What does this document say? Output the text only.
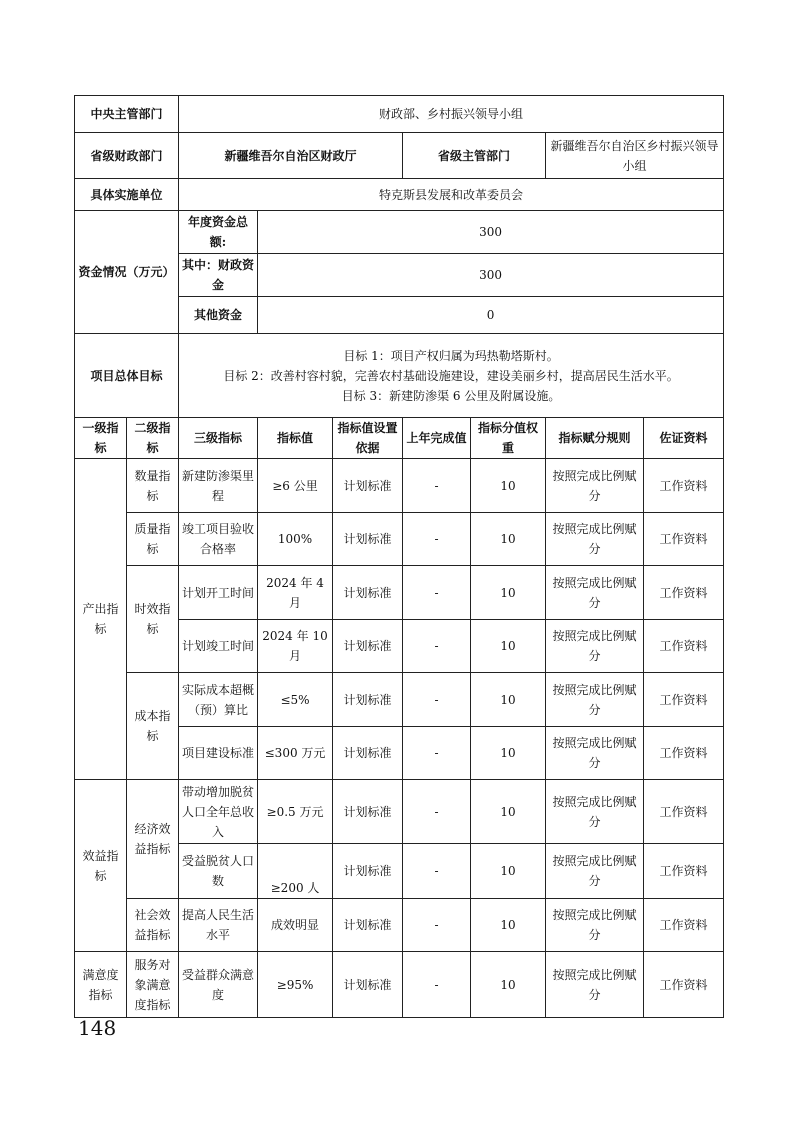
中央主管部门		财政部、乡村振兴领导小组						
省级财政部门		新疆维吾尔自治区财政厅			省级主管部门		新疆维吾尔自治区乡村振兴领导小组	
具体实施单位		特克斯县发展和改革委员会						
资金情况（万元）		年度资金总额:	300					
		其中：财政资金	300					
		其他资金	0					
项目总体目标		目标 1：项目产权归属为玛热勒塔斯村。
目标 2：改善村容村貌，完善农村基础设施建设，建设美丽乡村，提高居民生活水平。
目标 3：新建防渗渠 6 公里及附属设施。						

一级指标	二级指标	三级指标	指标值	指标值设置依据	上年完成值	指标分值权重	指标赋分规则	佐证资料
产出指标	数量指标	新建防渗渠里程	≥6 公里	计划标准	-	10	按照完成比例赋分	工作资料
	质量指标	竣工项目验收合格率	100%	计划标准	-	10	按照完成比例赋分	工作资料
	时效指标	计划开工时间	2024 年 4 月	计划标准	-	10	按照完成比例赋分	工作资料
		计划竣工时间	2024 年 10 月	计划标准	-	10	按照完成比例赋分	工作资料
	成本指标	实际成本超概（预）算比	≤5%	计划标准	-	10	按照完成比例赋分	工作资料
		项目建设标准	≤300 万元	计划标准	-	10	按照完成比例赋分	工作资料
效益指标	经济效益指标	带动增加脱贫人口全年总收入	≥0.5 万元	计划标准	-	10	按照完成比例赋分	工作资料
		受益脱贫人口数	≥200 人	计划标准	-	10	按照完成比例赋分	工作资料
	社会效益指标	提高人民生活水平	成效明显	计划标准	-	10	按照完成比例赋分	工作资料
满意度指标	服务对象满意度指标	受益群众满意度	≥95%	计划标准	-	10	按照完成比例赋分	工作资料
148
